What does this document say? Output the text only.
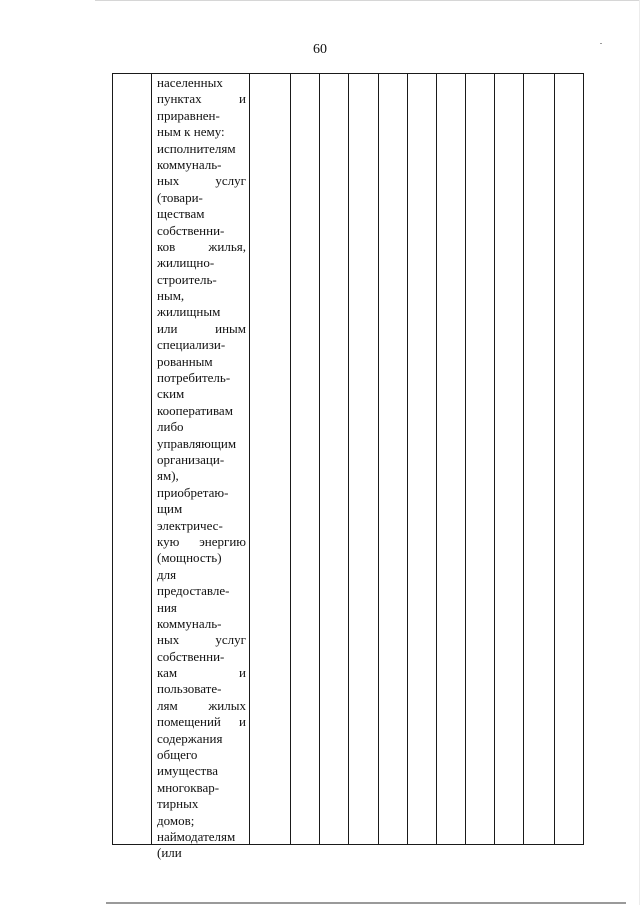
60
населенных
пунктах	и
приравнен-
ным к нему:
исполнителям
коммуналь-
ных	услуг
(товари-
ществам
собственни-
ков	жилья,
жилищно-
строитель-
ным,
жилищным
или	иным
специализи-
рованным
потребитель-
ским
кооперативам
либо
управляющим
организаци-
ям),
приобретаю-
щим
электричес-
кую энергию
(мощность)
для
предоставле-
ния
коммуналь-
ных	услуг
собственни-
кам	и
пользовате-
лям жилых
помещений и
содержания
общего
имущества
многоквар-
тирных
домов;
наймодателям
(или
